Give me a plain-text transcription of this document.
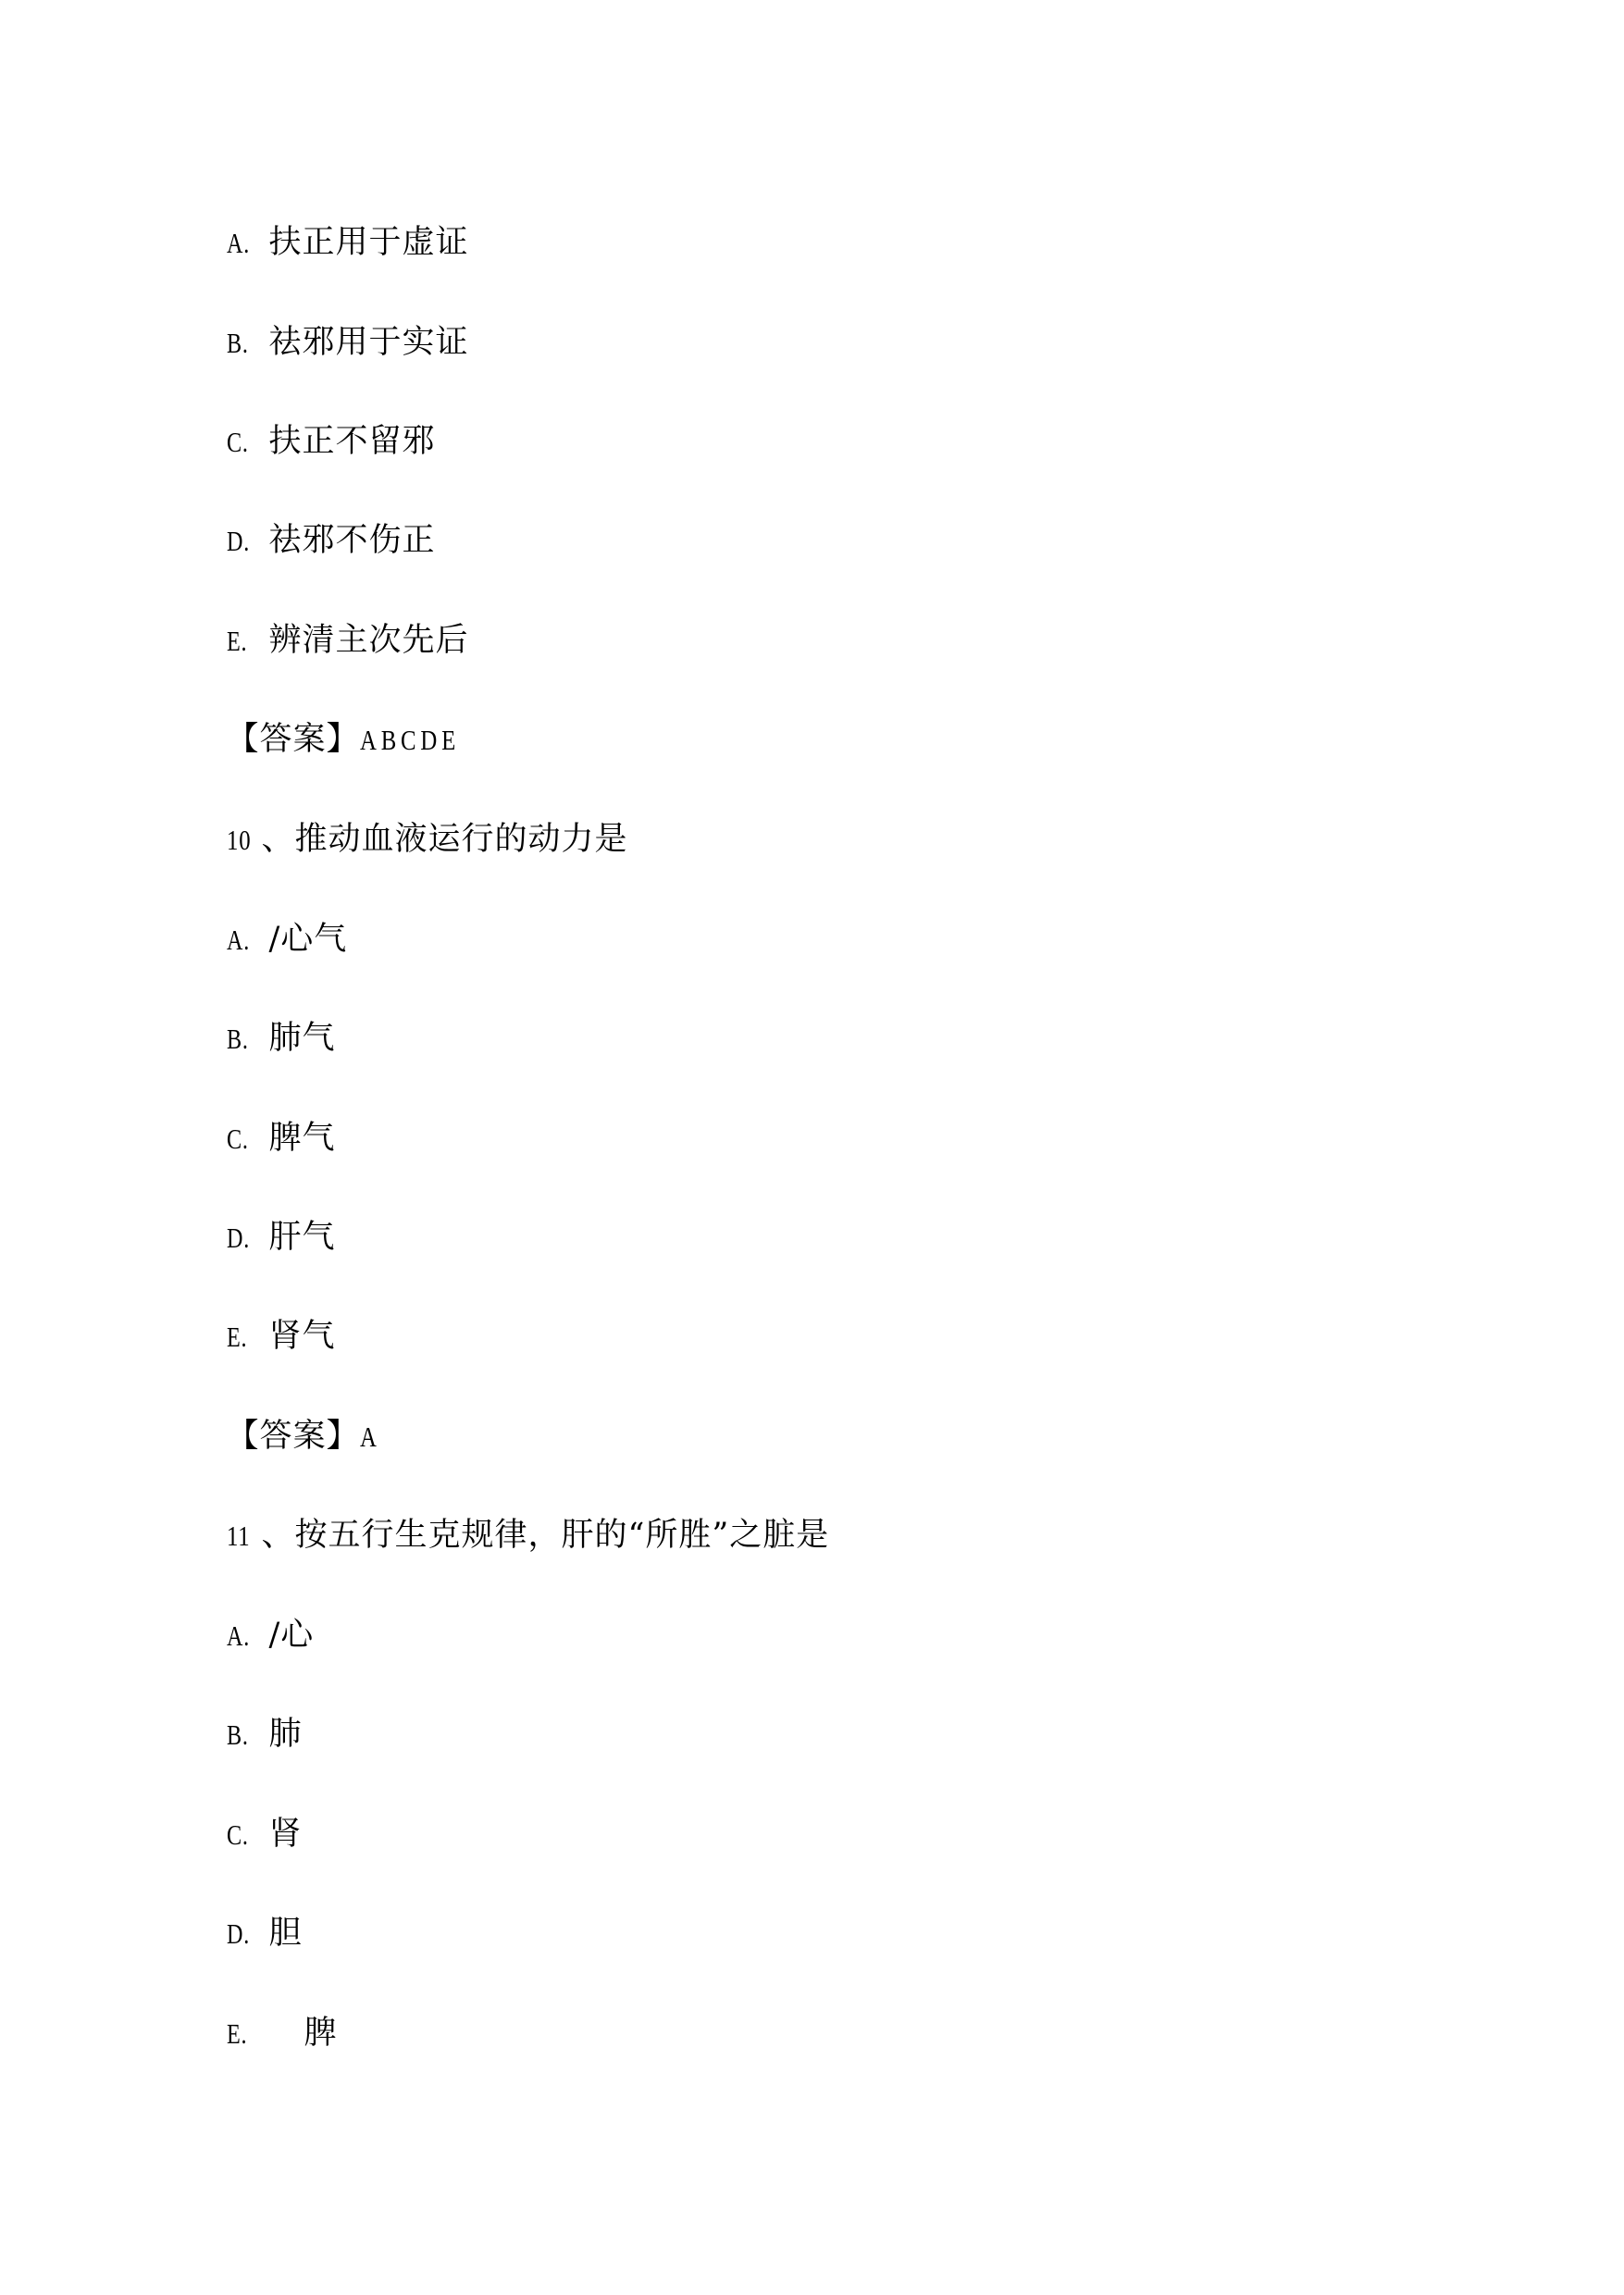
A. 扶正用于虚证

B. 祛邪用于实证

C. 扶正不留邪

D. 祛邪不伤正

E. 辨清主次先后

【答案】ABCDE

10 、推动血液运行的动力是

A. /心气

B. 肺气

C. 脾气

D. 肝气

E. 肾气

【答案】A

11 、按五行生克规律，肝的“所胜”之脏是

A. /心

B. 肺

C. 肾

D. 胆

E. 脾
